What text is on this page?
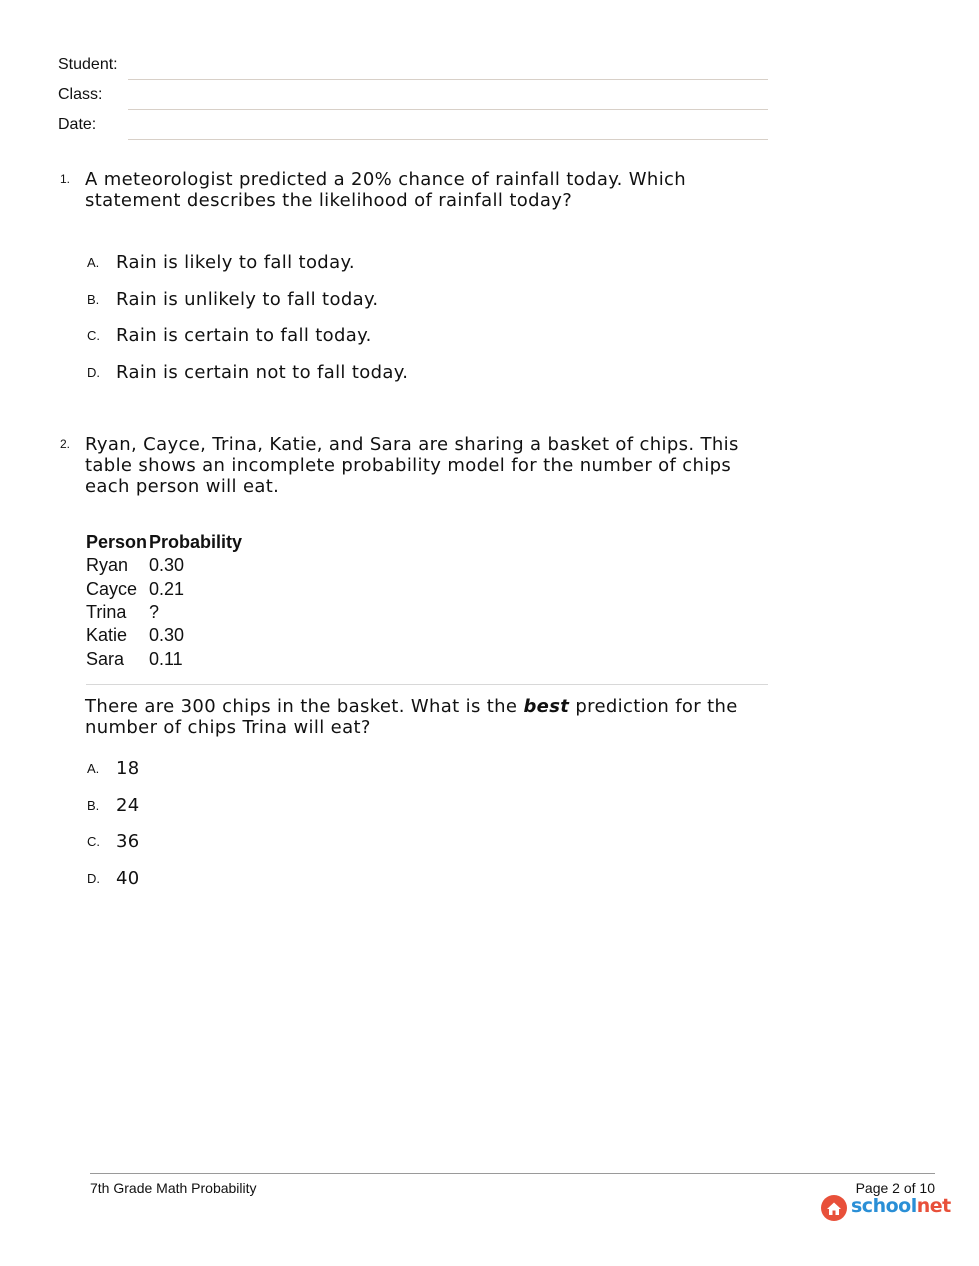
Student:
Class:
Date:
1. A meteorologist predicted a 20% chance of rainfall today. Which statement describes the likelihood of rainfall today?
A. Rain is likely to fall today.
B. Rain is unlikely to fall today.
C. Rain is certain to fall today.
D. Rain is certain not to fall today.
2. Ryan, Cayce, Trina, Katie, and Sara are sharing a basket of chips. This table shows an incomplete probability model for the number of chips each person will eat.
Person	Probability
Ryan	0.30
Cayce	0.21
Trina	?
Katie	0.30
Sara	0.11
There are 300 chips in the basket. What is the best prediction for the number of chips Trina will eat?
A. 18
B. 24
C. 36
D. 40
7th Grade Math Probability	Page 2 of 10
schoolnet
